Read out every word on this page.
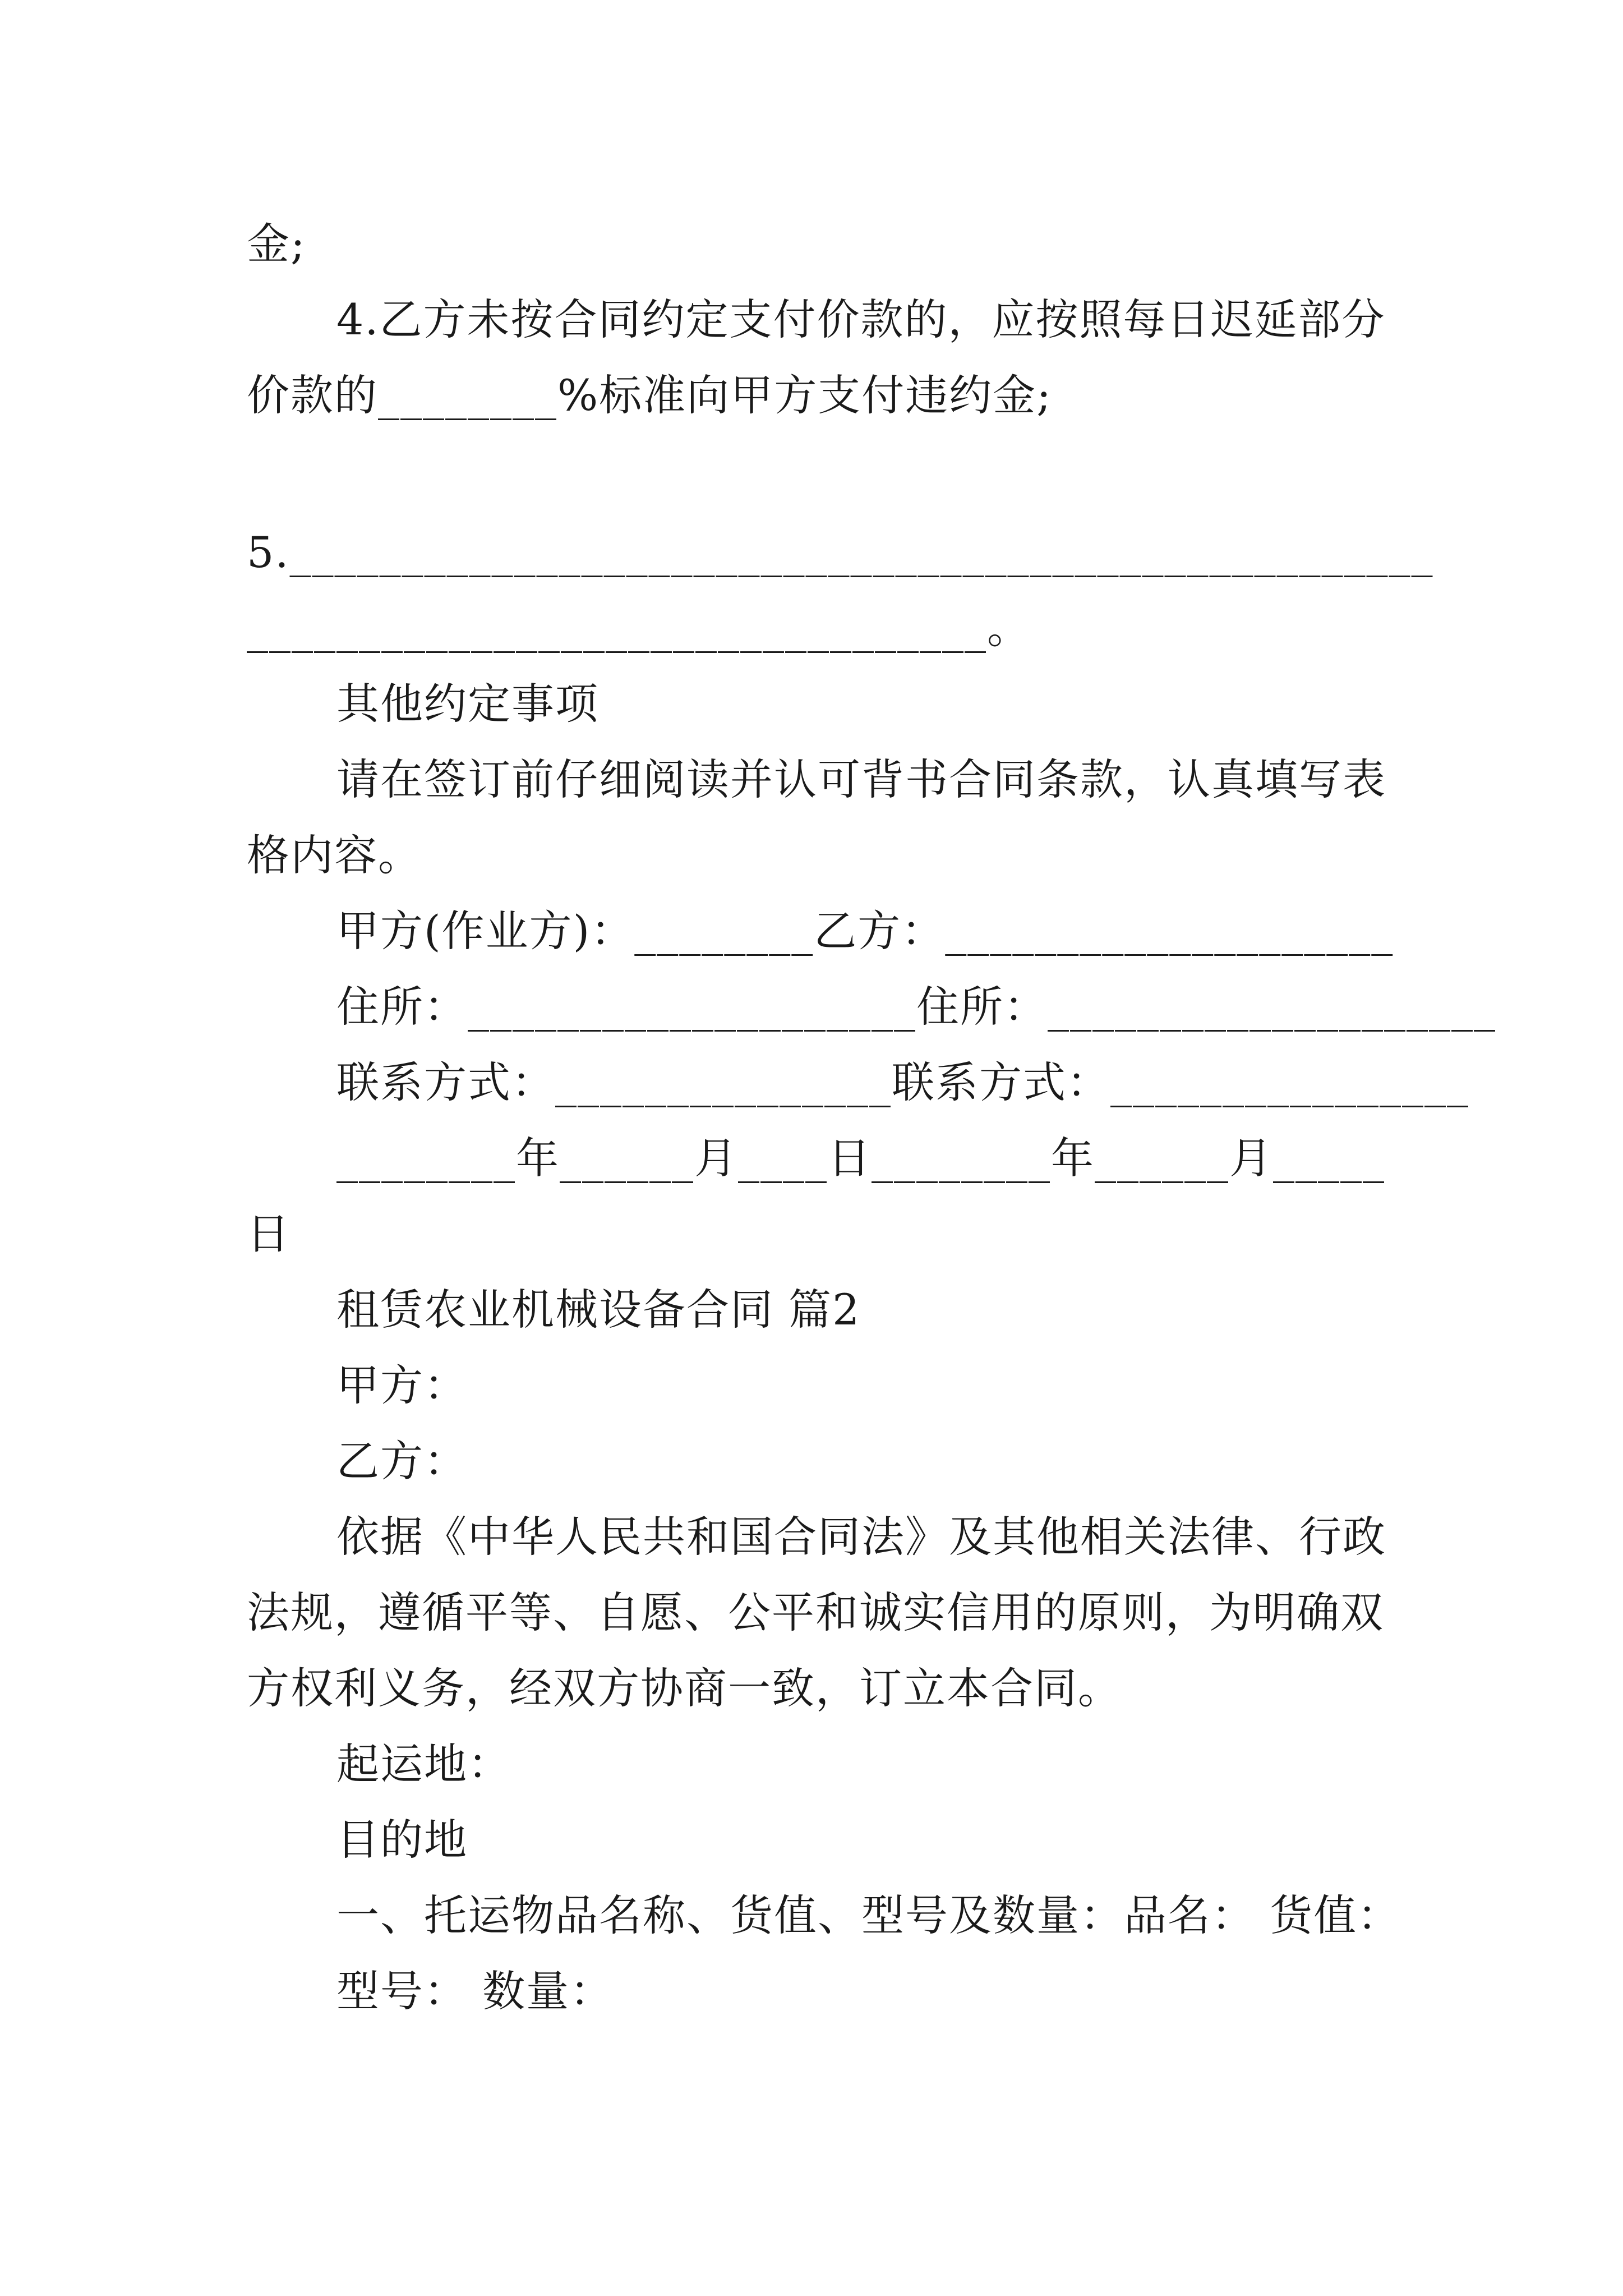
金;
4.乙方未按合同约定支付价款的，应按照每日迟延部分
价款的________%标准向甲方支付违约金;
5.___________________________________________________
_________________________________。
其他约定事项
请在签订前仔细阅读并认可背书合同条款，认真填写表
格内容。
甲方(作业方)：________乙方：____________________
住所：____________________住所：____________________
联系方式：_______________联系方式：________________
________年______月____日________年______月_____
日
租赁农业机械设备合同 篇2
甲方：
乙方：
依据《中华人民共和国合同法》及其他相关法律、行政
法规，遵循平等、自愿、公平和诚实信用的原则，为明确双
方权利义务，经双方协商一致，订立本合同。
起运地：
目的地
一、托运物品名称、货值、型号及数量：品名： 货值：
型号： 数量：
